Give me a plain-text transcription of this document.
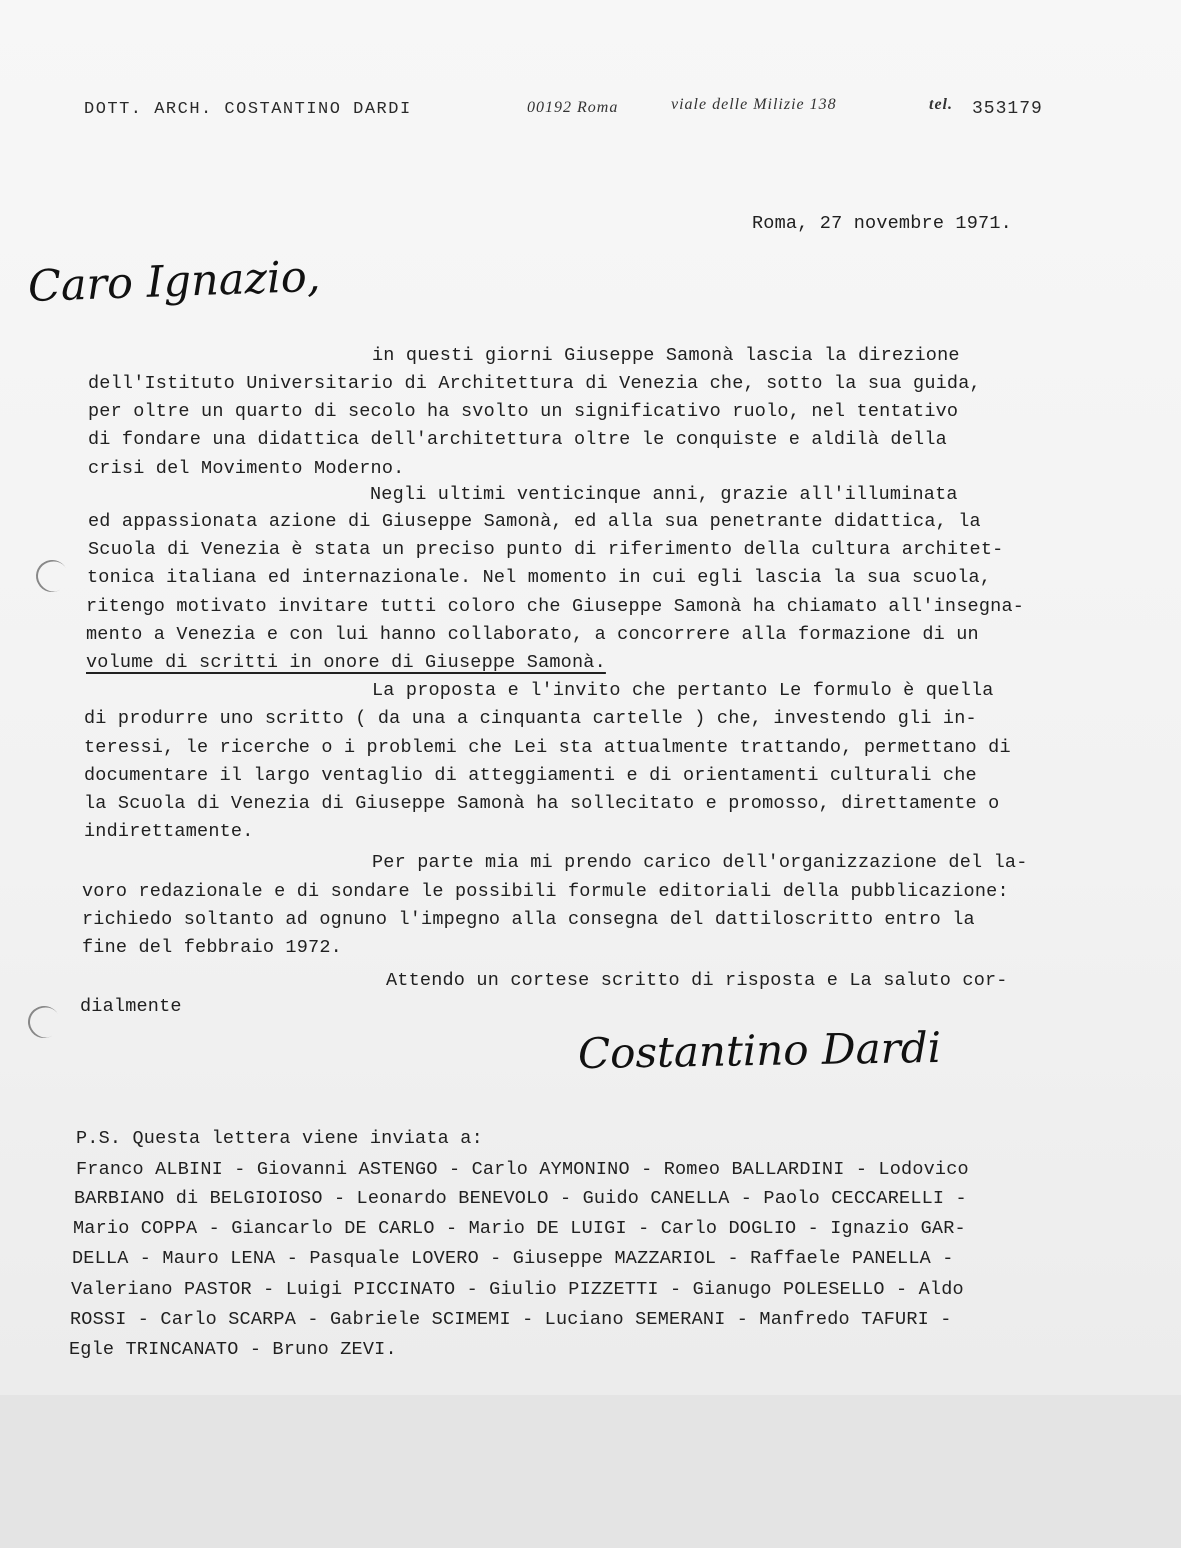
DOTT. ARCH. COSTANTINO DARDI	00192 Roma	viale delle Milizie 138	tel. 353179
Roma, 27 novembre 1971.
Caro Ignazio,
in questi giorni Giuseppe Samonà lascia la direzione
dell'Istituto Universitario di Architettura di Venezia che, sotto la sua guida,
per oltre un quarto di secolo ha svolto un significativo ruolo, nel tentativo
di fondare una didattica dell'architettura oltre le conquiste e aldilà della
crisi del Movimento Moderno.
Negli ultimi venticinque anni, grazie all'illuminata
ed appassionata azione di Giuseppe Samonà, ed alla sua penetrante didattica, la
Scuola di Venezia è stata un preciso punto di riferimento della cultura architet-
tonica italiana ed internazionale. Nel momento in cui egli lascia la sua scuola,
ritengo motivato invitare tutti coloro che Giuseppe Samonà ha chiamato all'insegna-
mento a Venezia e con lui hanno collaborato, a concorrere alla formazione di un
volume di scritti in onore di Giuseppe Samonà.
La proposta e l'invito che pertanto Le formulo è quella
di produrre uno scritto ( da una a cinquanta cartelle ) che, investendo gli in-
teressi, le ricerche o i problemi che Lei sta attualmente trattando, permettano di
documentare il largo ventaglio di atteggiamenti e di orientamenti culturali che
la Scuola di Venezia di Giuseppe Samonà ha sollecitato e promosso, direttamente o
indirettamente.
Per parte mia mi prendo carico dell'organizzazione del la-
voro redazionale e di sondare le possibili formule editoriali della pubblicazione:
richiedo soltanto ad ognuno l'impegno alla consegna del dattiloscritto entro la
fine del febbraio 1972.
Attendo un cortese scritto di risposta e La saluto cor-
dialmente
Costantino Dardi
P.S. Questa lettera viene inviata a:
Franco ALBINI - Giovanni ASTENGO - Carlo AYMONINO - Romeo BALLARDINI - Lodovico
BARBIANO di BELGIOIOSO - Leonardo BENEVOLO - Guido CANELLA - Paolo CECCARELLI -
Mario COPPA - Giancarlo DE CARLO - Mario DE LUIGI - Carlo DOGLIO - Ignazio GAR-
DELLA - Mauro LENA - Pasquale LOVERO - Giuseppe MAZZARIOL - Raffaele PANELLA -
Valeriano PASTOR - Luigi PICCINATO - Giulio PIZZETTI - Gianugo POLESELLO - Aldo
ROSSI - Carlo SCARPA - Gabriele SCIMEMI - Luciano SEMERANI - Manfredo TAFURI -
Egle TRINCANATO - Bruno ZEVI.
